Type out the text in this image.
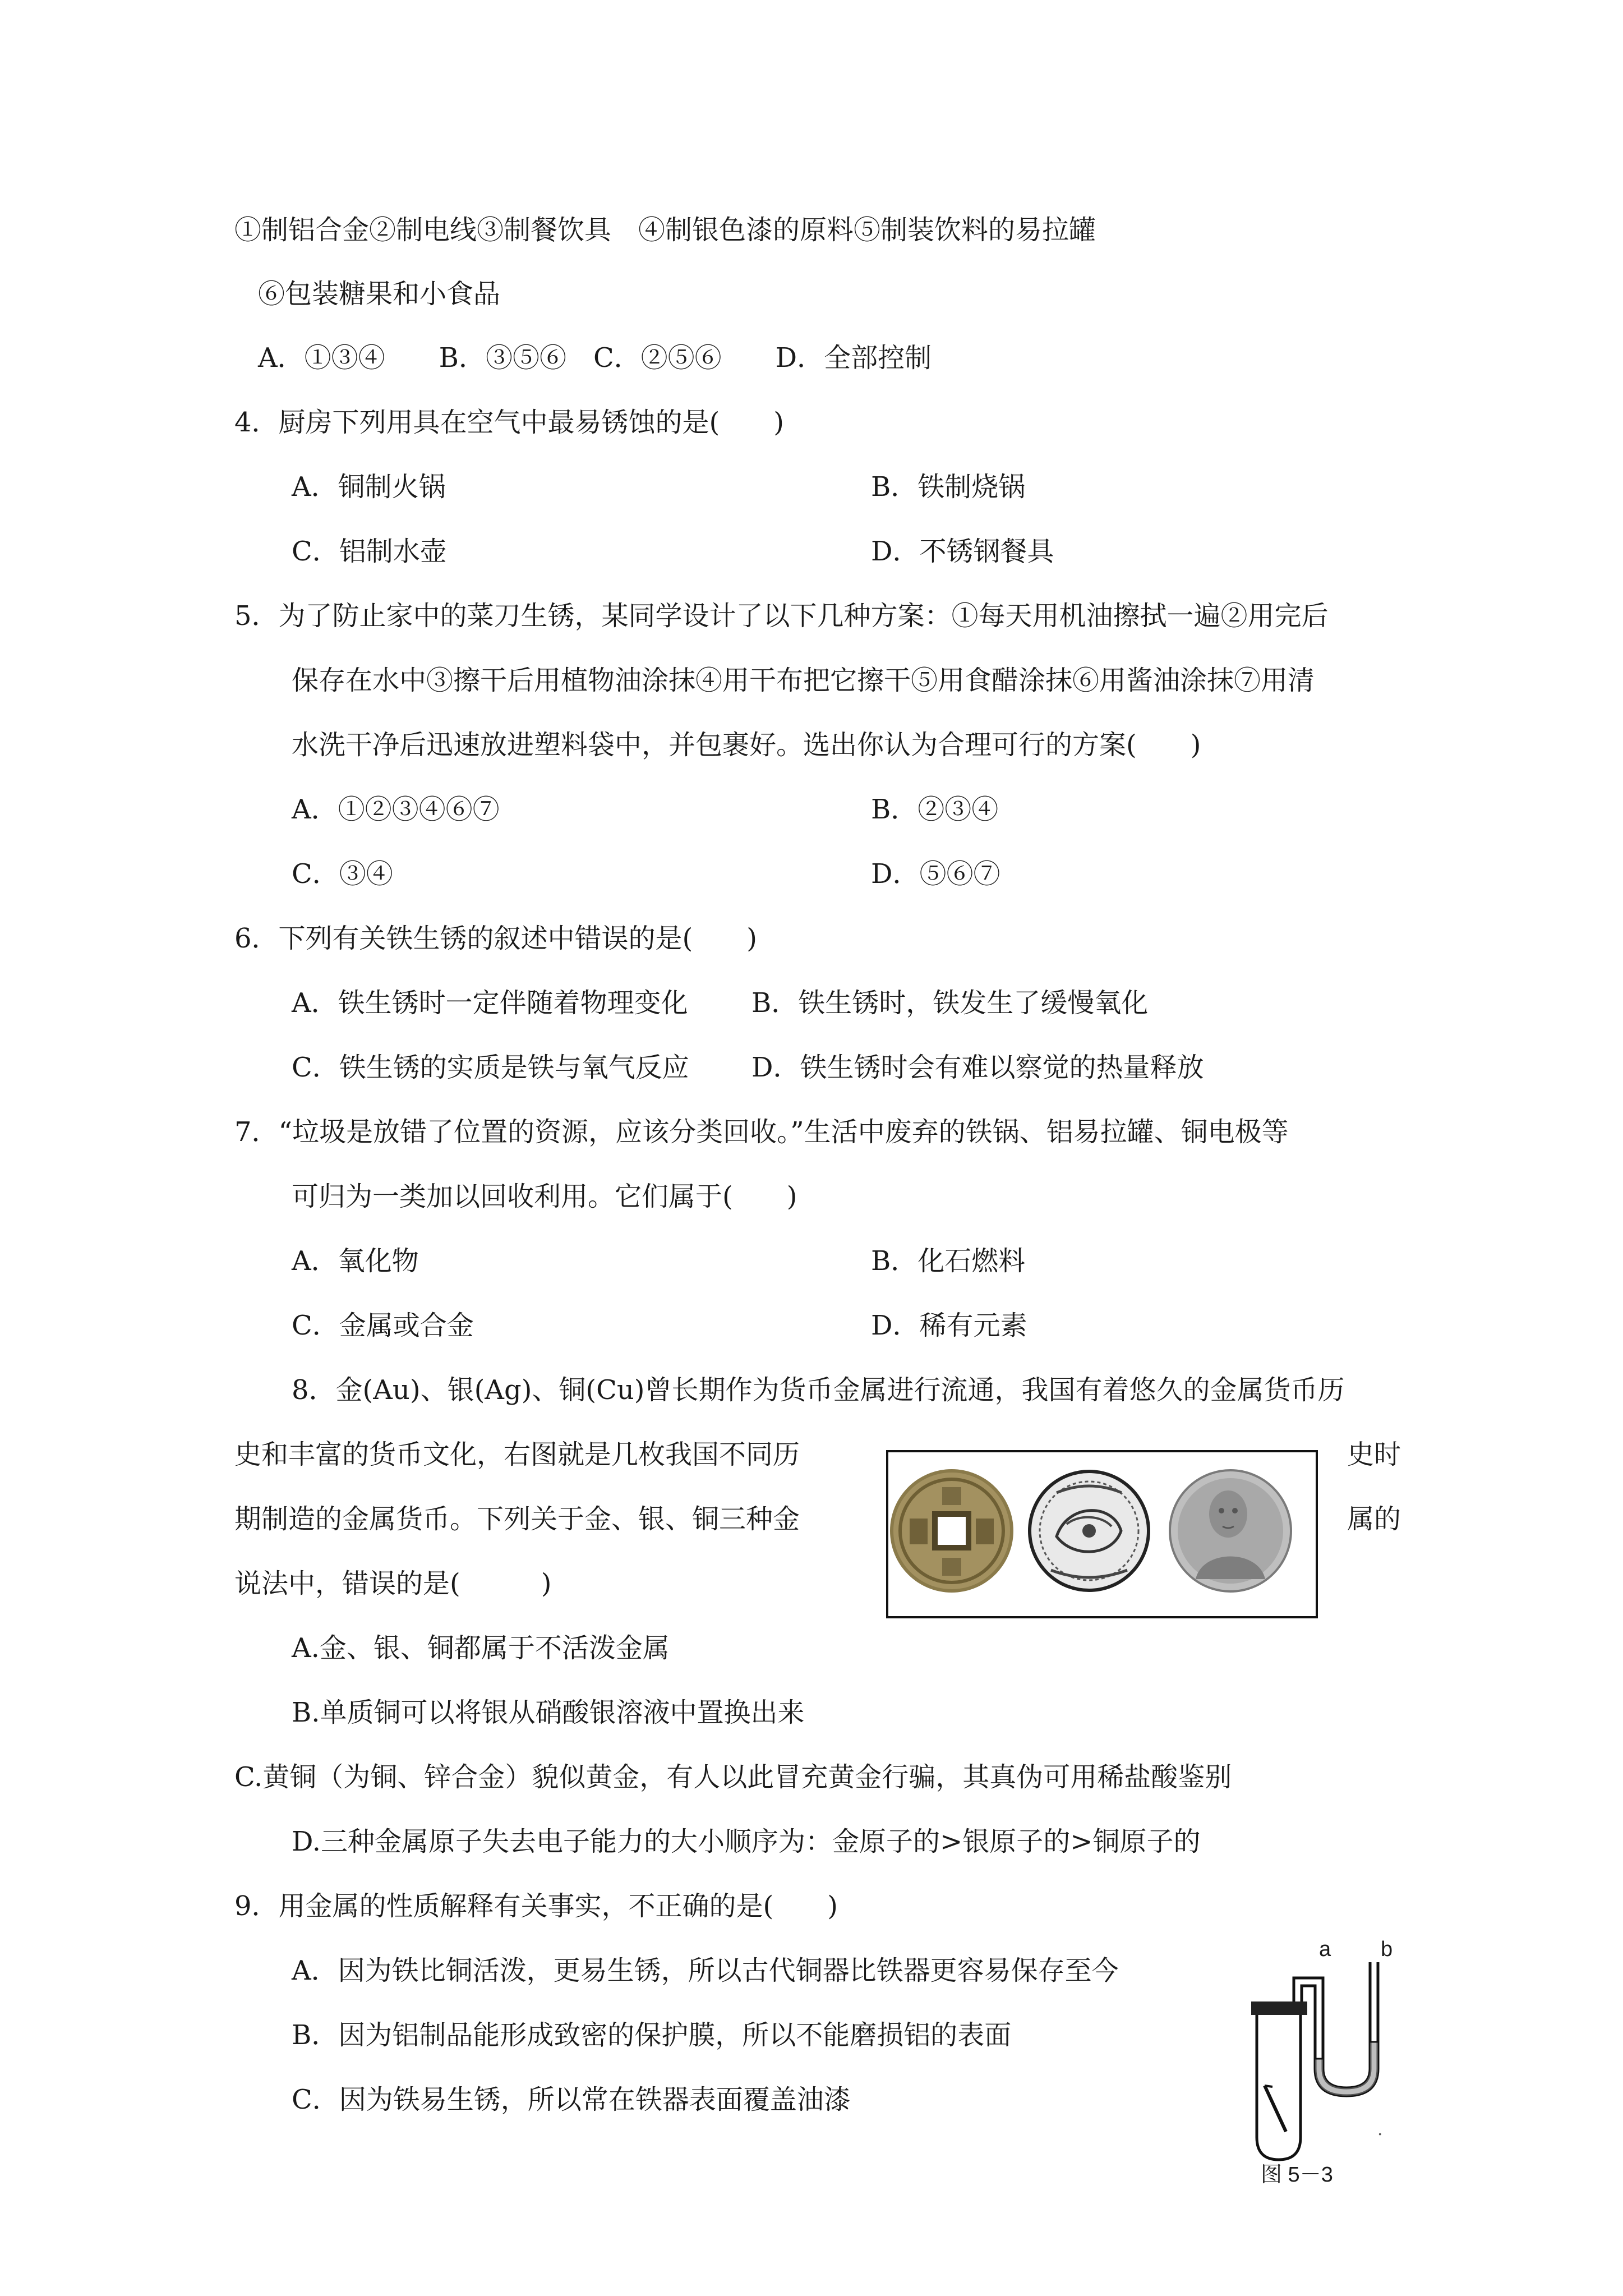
①制铝合金②制电线③制餐饮具　④制银色漆的原料⑤制装饮料的易拉罐
⑥包装糖果和小食品
A．①③④　　B．③⑤⑥　C．②⑤⑥　　D．全部控制
4．厨房下列用具在空气中最易锈蚀的是(　　)
A．铜制火锅	B．铁制烧锅
C．铝制水壶	D．不锈钢餐具
5．为了防止家中的菜刀生锈，某同学设计了以下几种方案：①每天用机油擦拭一遍②用完后
保存在水中③擦干后用植物油涂抹④用干布把它擦干⑤用食醋涂抹⑥用酱油涂抹⑦用清
水洗干净后迅速放进塑料袋中，并包裹好。选出你认为合理可行的方案(　　)
A．①②③④⑥⑦	B．②③④
C．③④	D．⑤⑥⑦
6．下列有关铁生锈的叙述中错误的是(　　)
A．铁生锈时一定伴随着物理变化 B．铁生锈时，铁发生了缓慢氧化
C．铁生锈的实质是铁与氧气反应 D．铁生锈时会有难以察觉的热量释放
7．“垃圾是放错了位置的资源，应该分类回收。”生活中废弃的铁锅、铝易拉罐、铜电极等
可归为一类加以回收利用。它们属于(　　)
A．氧化物	B．化石燃料
C．金属或合金	D．稀有元素
8．金(Au)、银(Ag)、铜(Cu)曾长期作为货币金属进行流通，我国有着悠久的金属货币历
史和丰富的货币文化，右图就是几枚我国不同历	史时
期制造的金属货币。下列关于金、银、铜三种金	属的
说法中，错误的是(　　　)
A.金、银、铜都属于不活泼金属
B.单质铜可以将银从硝酸银溶液中置换出来
C.黄铜（为铜、锌合金）貌似黄金，有人以此冒充黄金行骗，其真伪可用稀盐酸鉴别
D.三种金属原子失去电子能力的大小顺序为：金原子的>银原子的>铜原子的
9．用金属的性质解释有关事实，不正确的是(　　)
A．因为铁比铜活泼，更易生锈，所以古代铜器比铁器更容易保存至今
B．因为铝制品能形成致密的保护膜，所以不能磨损铝的表面
C．因为铁易生锈，所以常在铁器表面覆盖油漆
a b
.
图 5－3
